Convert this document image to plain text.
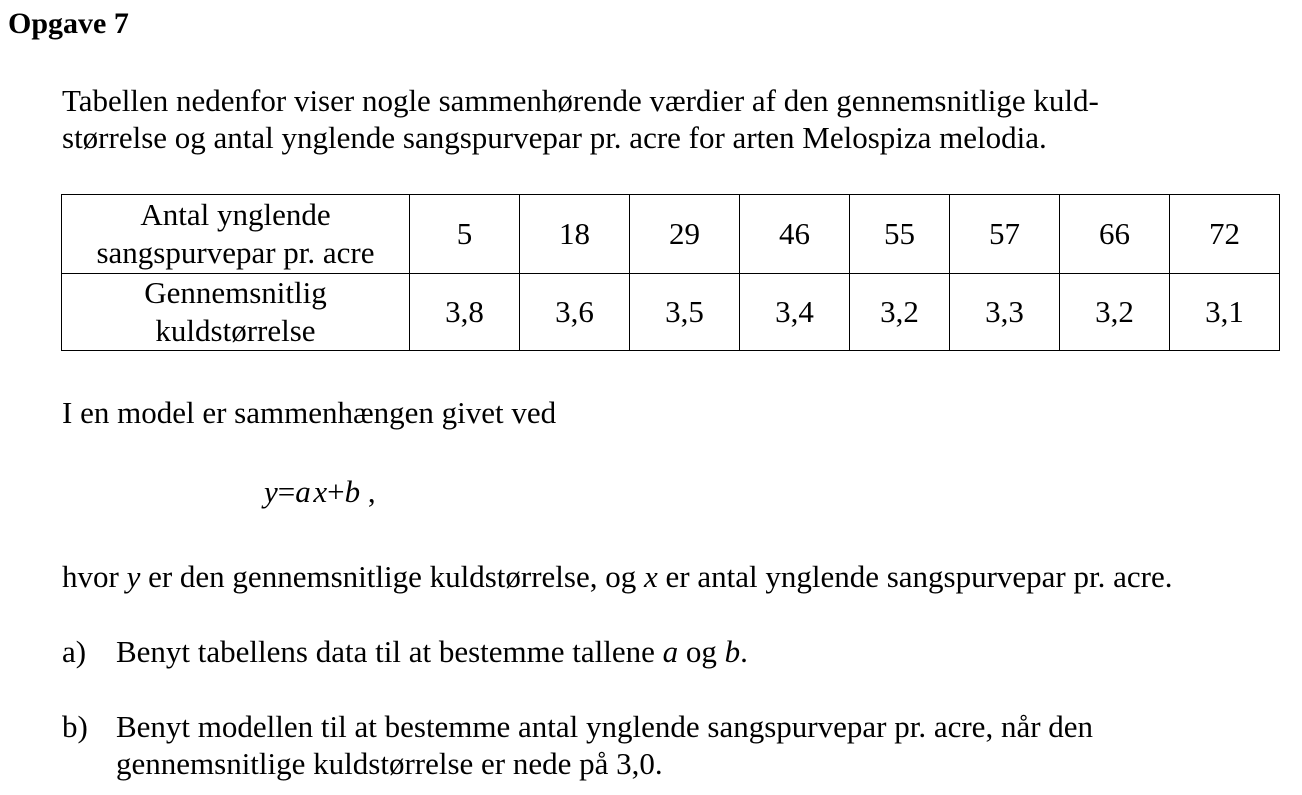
Opgave 7

Tabellen nedenfor viser nogle sammenhørende værdier af den gennemsnitlige kuld-
størrelse og antal ynglende sangspurvepar pr. acre for arten Melospiza melodia.

Antal ynglende
sangspurvepar pr. acre	5	18	29	46	55	57	66	72

Gennemsnitlig
kuldstørrelse	3,8	3,6	3,5	3,4	3,2	3,3	3,2	3,1

I en model er sammenhængen givet ved

y=a x+b ,

hvor y er den gennemsnitlige kuldstørrelse, og x er antal ynglende sangspurvepar pr. acre.

a) Benyt tabellens data til at bestemme tallene a og b.
b) Benyt modellen til at bestemme antal ynglende sangspurvepar pr. acre, når den
gennemsnitlige kuldstørrelse er nede på 3,0.
